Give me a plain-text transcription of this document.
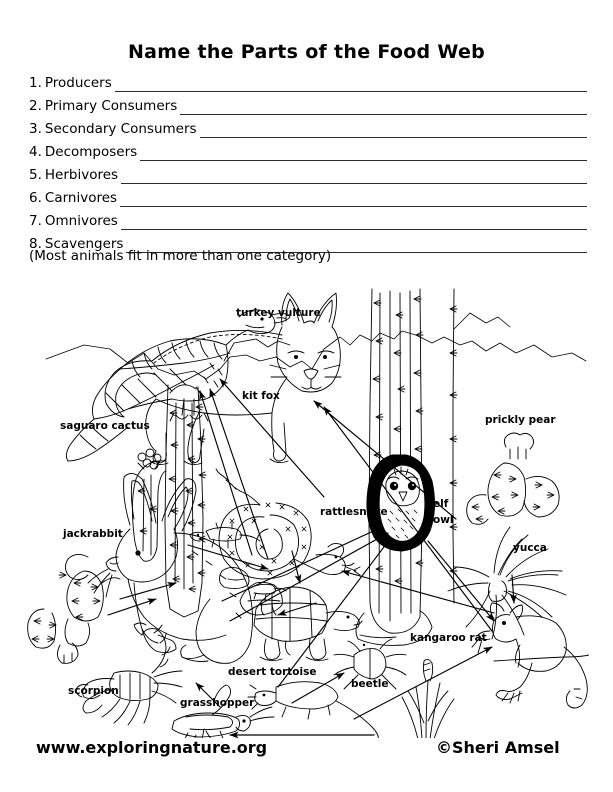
Name the Parts of the Food Web
1. Producers
2. Primary Consumers
3. Secondary Consumers
4. Decomposers
5. Herbivores
6. Carnivores
7. Omnivores
8. Scavengers
(Most animals fit in more than one category)
turkey vulture
kit fox
saguaro cactus	prickly pear
rattlesnake
elf
owl
yucca
jackrabbit
desert tortoise
kangaroo rat
scorpion
grasshopper
beetle
www.exploringnature.org	©Sheri Amsel
